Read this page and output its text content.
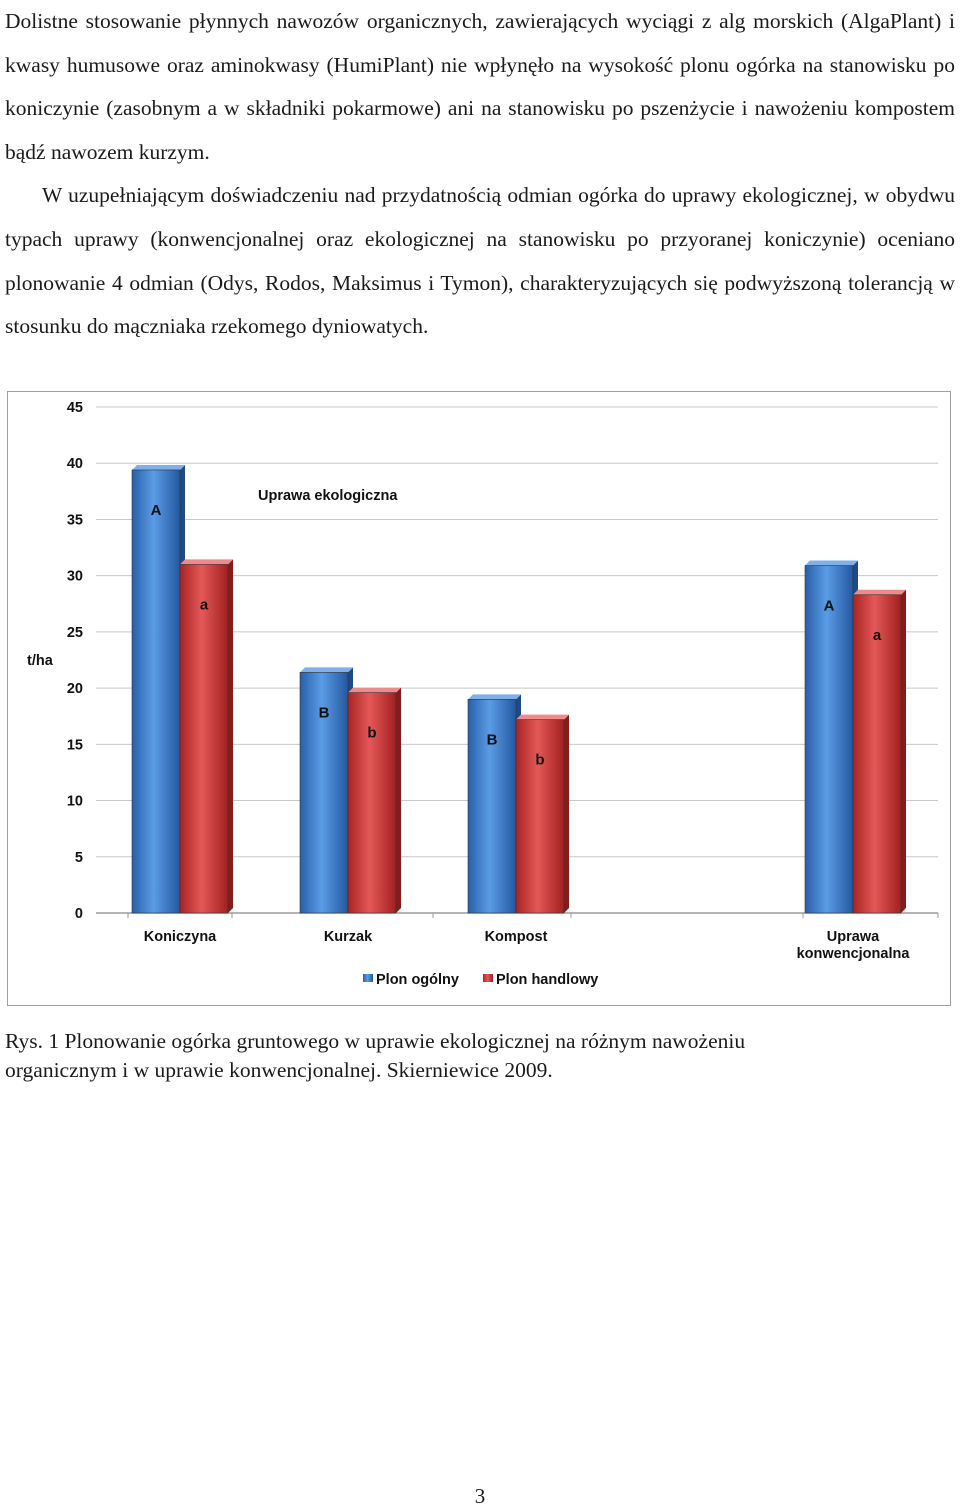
Dolistne stosowanie płynnych nawozów organicznych, zawierających wyciągi z alg morskich (AlgaPlant) i kwasy humusowe oraz aminokwasy (HumiPlant) nie wpłynęło na wysokość plonu ogórka na stanowisku po koniczynie (zasobnym a w składniki pokarmowe) ani na stanowisku po pszenżycie i nawożeniu kompostem bądź nawozem kurzym.

W uzupełniającym doświadczeniu nad przydatnością odmian ogórka do uprawy ekologicznej, w obydwu typach uprawy (konwencjonalnej oraz ekologicznej na stanowisku po przyoranej koniczynie) oceniano plonowanie 4 odmian (Odys, Rodos, Maksimus i Tymon), charakteryzujących się podwyższoną tolerancją w stosunku do mączniaka rzekomego dyniowatych.

0
5
10
15
20
25
30
35
40
45
A
a
Koniczyna
B
b
Kurzak
B
b
Kompost
A
a
Uprawa konwencjonalna
Uprawa ekologiczna
t/ha
Plon ogólny	Plon handlowy
Rys. 1 Plonowanie ogórka gruntowego w uprawie ekologicznej na różnym nawożeniu
organicznym i w uprawie konwencjonalnej. Skierniewice 2009.
3
